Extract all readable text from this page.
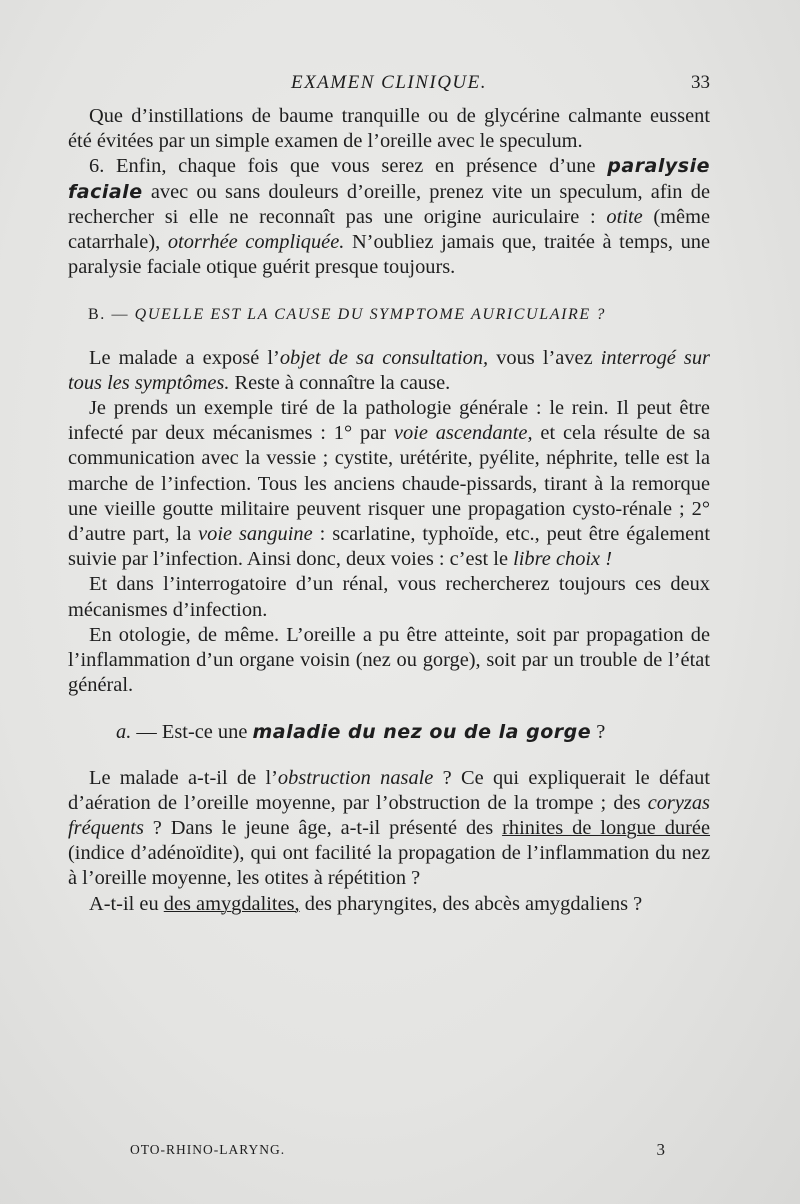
EXAMEN CLINIQUE.	33

Que d’instillations de baume tranquille ou de glycérine calmante eussent été évitées par un simple examen de l’oreille avec le speculum.

6. Enfin, chaque fois que vous serez en présence d’une paralysie faciale avec ou sans douleurs d’oreille, prenez vite un speculum, afin de rechercher si elle ne reconnaît pas une origine auriculaire : otite (même catarrhale), otorrhée compliquée. N’oubliez jamais que, traitée à temps, une paralysie faciale otique guérit presque toujours.

B. — QUELLE EST LA CAUSE DU SYMPTOME AURICULAIRE ?

Le malade a exposé l’objet de sa consultation, vous l’avez interrogé sur tous les symptômes. Reste à connaître la cause.

Je prends un exemple tiré de la pathologie générale : le rein. Il peut être infecté par deux mécanismes : 1° par voie ascendante, et cela résulte de sa communication avec la vessie ; cystite, urétérite, pyélite, néphrite, telle est la marche de l’infection. Tous les anciens chaude-pissards, tirant à la remorque une vieille goutte militaire peuvent risquer une propagation cysto-rénale ; 2° d’autre part, la voie sanguine : scarlatine, typhoïde, etc., peut être également suivie par l’infection. Ainsi donc, deux voies : c’est le libre choix !

Et dans l’interrogatoire d’un rénal, vous rechercherez toujours ces deux mécanismes d’infection.

En otologie, de même. L’oreille a pu être atteinte, soit par propagation de l’inflammation d’un organe voisin (nez ou gorge), soit par un trouble de l’état général.

a. — Est-ce une maladie du nez ou de la gorge ?

Le malade a-t-il de l’obstruction nasale ? Ce qui expliquerait le défaut d’aération de l’oreille moyenne, par l’obstruction de la trompe ; des coryzas fréquents ? Dans le jeune âge, a-t-il présenté des rhinites de longue durée (indice d’adénoïdite), qui ont facilité la propagation de l’inflammation du nez à l’oreille moyenne, les otites à répétition ?

A-t-il eu des amygdalites, des pharyngites, des abcès amygdaliens ?

OTO-RHINO-LARYNG.	3
